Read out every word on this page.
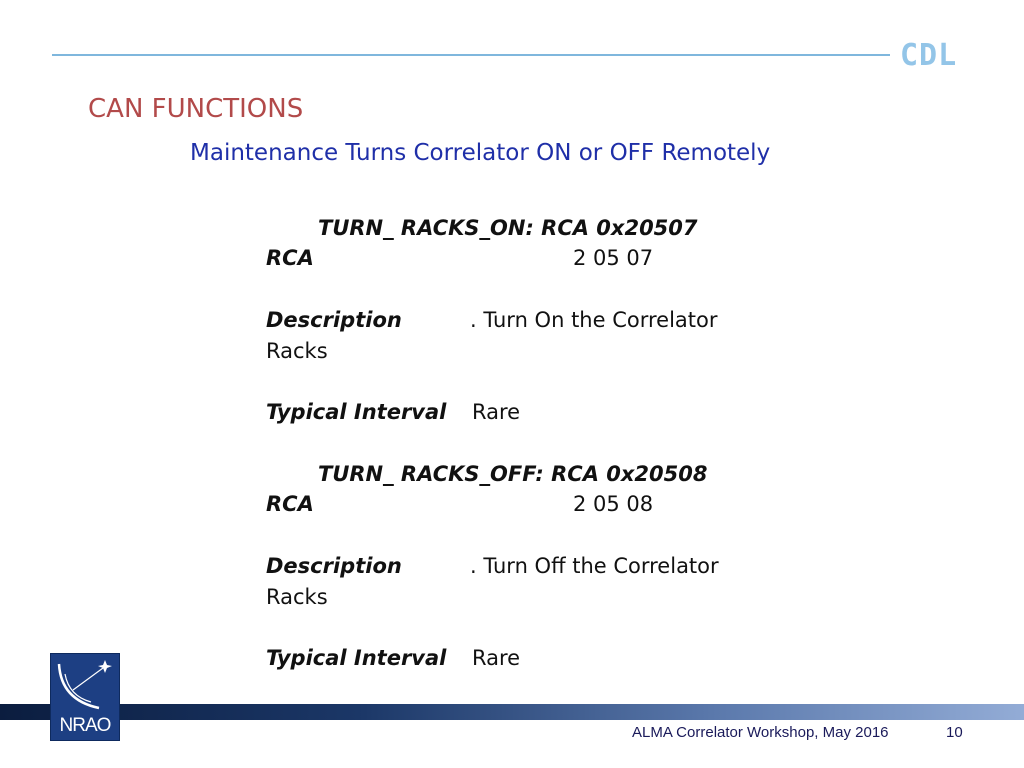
CDL
CAN FUNCTIONS
Maintenance Turns Correlator ON or OFF Remotely
TURN_ RACKS_ON: RCA 0x20507
RCA	2 05 07
Description	. Turn On the Correlator
Racks
Typical Interval Rare
TURN_ RACKS_OFF: RCA 0x20508
RCA	2 05 08
Description	. Turn Off the Correlator
Racks
Typical Interval Rare
NRAO	ALMA Correlator Workshop, May 2016	10
